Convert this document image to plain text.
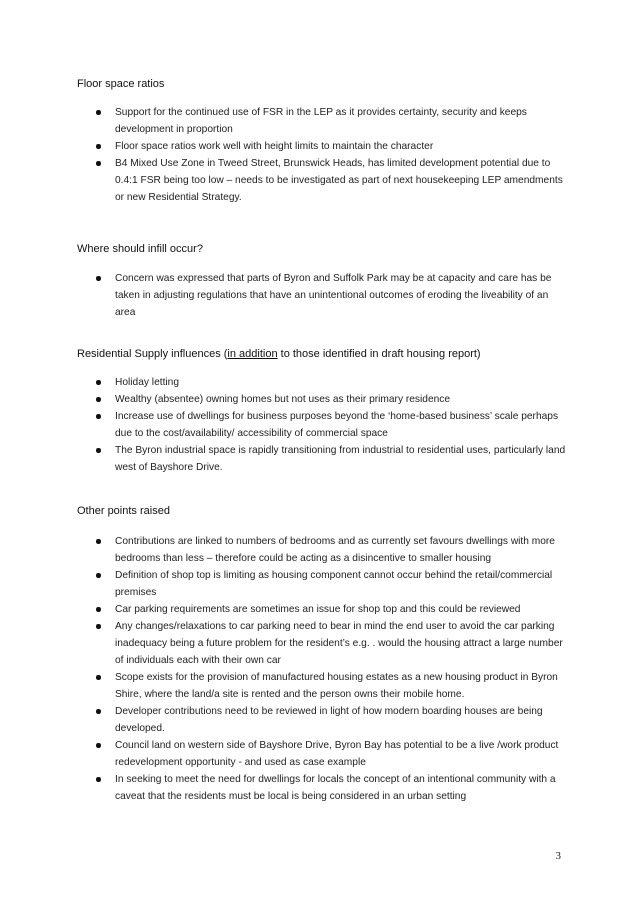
Floor space ratios

Support for the continued use of FSR in the LEP as it provides certainty, security and keeps development in proportion
Floor space ratios work well with height limits to maintain the character
B4 Mixed Use Zone in Tweed Street, Brunswick Heads, has limited development potential due to 0.4:1 FSR being too low – needs to be investigated as part of next housekeeping LEP amendments or new Residential Strategy.

Where should infill occur?

Concern was expressed that parts of Byron and Suffolk Park may be at capacity and care has be taken in adjusting regulations that have an unintentional outcomes of eroding the liveability of an area

Residential Supply influences (in addition to those identified in draft housing report)

Holiday letting
Wealthy (absentee) owning homes but not uses as their primary residence
Increase use of dwellings for business purposes beyond the ‘home-based business’ scale perhaps due to the cost/availability/ accessibility of commercial space
The Byron industrial space is rapidly transitioning from industrial to residential uses, particularly land west of Bayshore Drive.

Other points raised

Contributions are linked to numbers of bedrooms and as currently set favours dwellings with more bedrooms than less – therefore could be acting as a disincentive to smaller housing
Definition of shop top is limiting as housing component cannot occur behind the retail/commercial premises
Car parking requirements are sometimes an issue for shop top and this could be reviewed
Any changes/relaxations to car parking need to bear in mind the end user to avoid the car parking inadequacy being a future problem for the resident’s e.g. . would the housing attract a large number of individuals each with their own car
Scope exists for the provision of manufactured housing estates as a new housing product in Byron Shire, where the land/a site is rented and the person owns their mobile home.
Developer contributions need to be reviewed in light of how modern boarding houses are being developed.
Council land on western side of Bayshore Drive, Byron Bay has potential to be a live /work product redevelopment opportunity - and used as case example
In seeking to meet the need for dwellings for locals the concept of an intentional community with a caveat that the residents must be local is being considered in an urban setting
3
